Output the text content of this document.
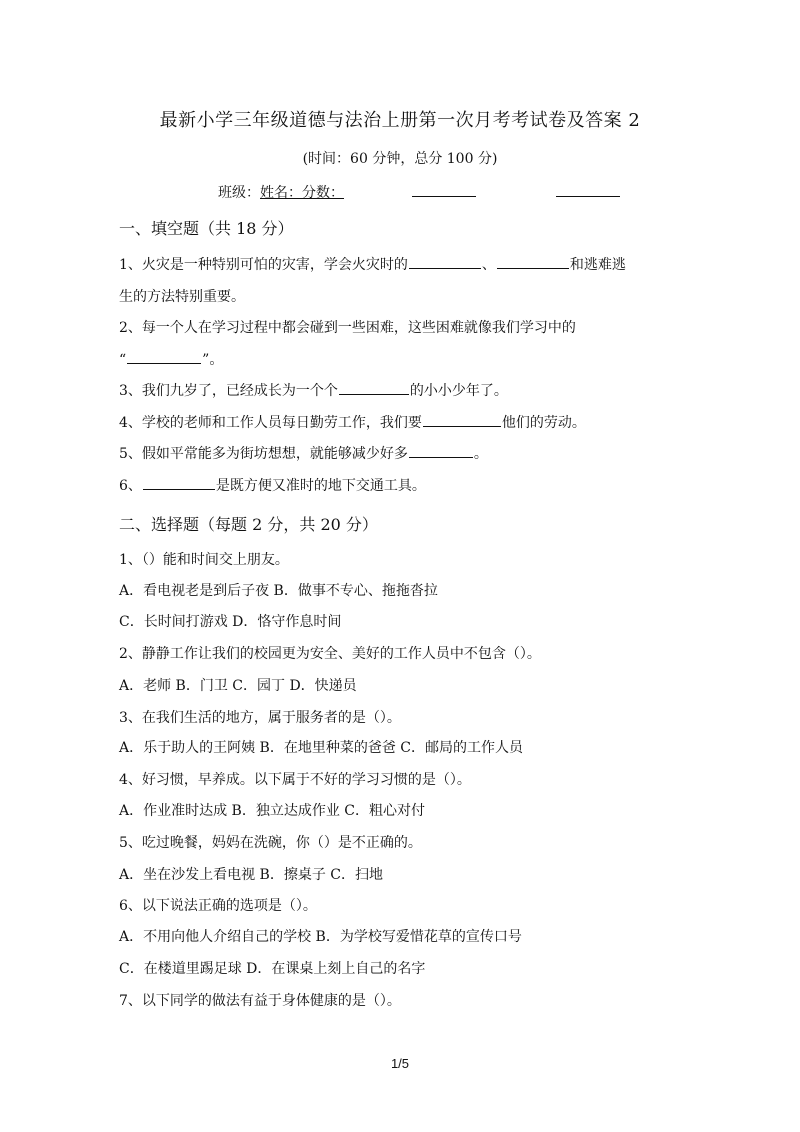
最新小学三年级道德与法治上册第一次月考考试卷及答案 2
(时间：60 分钟，总分 100 分)
班级：姓名：分数：
一、填空题（共 18 分）
1、火灾是一种特别可怕的灾害，学会火灾时的	、	和逃难逃
生的方法特别重要。
2、每一个人在学习过程中都会碰到一些困难，这些困难就像我们学习中的
“	”。
3、我们九岁了，已经成长为一个个	的小小少年了。
4、学校的老师和工作人员每日勤劳工作，我们要	他们的劳动。
5、假如平常能多为街坊想想，就能够减少好多	。
6、	是既方便又准时的地下交通工具。
二、选择题（每题 2 分，共 20 分）
1、（）能和时间交上朋友。
A．看电视老是到后子夜 B．做事不专心、拖拖沓拉
C．长时间打游戏 D．恪守作息时间
2、静静工作让我们的校园更为安全、美好的工作人员中不包含（）。
A．老师 B．门卫 C．园丁 D．快递员
3、在我们生活的地方，属于服务者的是（）。
A．乐于助人的王阿姨 B．在地里种菜的爸爸 C．邮局的工作人员
4、好习惯，早养成。以下属于不好的学习习惯的是（）。
A．作业准时达成 B．独立达成作业 C．粗心对付
5、吃过晚餐，妈妈在洗碗，你（）是不正确的。
A．坐在沙发上看电视 B．擦桌子 C．扫地
6、以下说法正确的选项是（）。
A．不用向他人介绍自己的学校 B．为学校写爱惜花草的宣传口号
C．在楼道里踢足球 D．在课桌上刻上自己的名字
7、以下同学的做法有益于身体健康的是（）。
1/5
